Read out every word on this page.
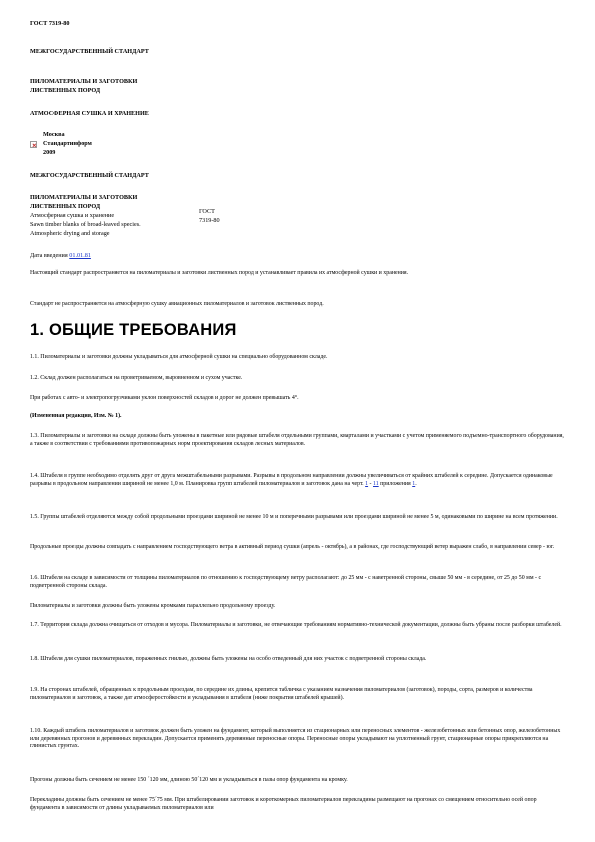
ГОСТ 7319-80
МЕЖГОСУДАРСТВЕННЫЙ СТАНДАРТ
ПИЛОМАТЕРИАЛЫ И ЗАГОТОВКИ
ЛИСТВЕННЫХ ПОРОД
АТМОСФЕРНАЯ СУШКА И ХРАНЕНИЕ
Москва
Стандартинформ
2009
МЕЖГОСУДАРСТВЕННЫЙ СТАНДАРТ
ПИЛОМАТЕРИАЛЫ И ЗАГОТОВКИ
ЛИСТВЕННЫХ ПОРОД
Атмосферная сушка и хранение
Sawn timber blanks of broad-leaved species.
Atmospheric drying and storage
ГОСТ
7319-80
Дата введения 01.01.81
Настоящий стандарт распространяется на пиломатериалы и заготовки лиственных пород и устанавливает правила их атмосферной сушки и хранения.
Стандарт не распространяется на атмосферную сушку авиационных пиломатериалов и заготовок лиственных пород.
1. ОБЩИЕ ТРЕБОВАНИЯ
1.1. Пиломатериалы и заготовки должны укладываться для атмосферной сушки на специально оборудованном складе.
1.2. Склад должен располагаться на проветриваемом, выровненном и сухом участке.
При работах с авто- и электропогрузчиками уклон поверхностей складов и дорог не должен превышать 4°.
(Измененная редакция, Изм. № 1).
1.3. Пиломатериалы и заготовки на складе должны быть уложены в пакетные или рядовые штабеля отдельными группами, кварталами и участками с учетом применяемого подъемно-транспортного оборудования, а также в соответствии с требованиями противопожарных норм проектирования складов лесных материалов.
1.4. Штабеля в группе необходимо отделять друг от друга межштабельными разрывами. Разрывы в продольном направлении должны увеличиваться от крайних штабелей к середине. Допускается одинаковые разрывы в продольном направлении шириной не менее 1,0 м. Планировка групп штабелей пиломатериалов и заготовок дана на черт. 1 - 11 приложения 1.
1.5. Группы штабелей отделяются между собой продольными проездами шириной не менее 10 м и поперечными разрывами или проездами шириной не менее 5 м, одинаковыми по ширине на всем протяжении.
Продольные проезды должны совпадать с направлением господствующего ветра в активный период сушки (апрель - октябрь), а в районах, где господствующий ветер выражен слабо, в направлении север - юг.
1.6. Штабеля на складе в зависимости от толщины пиломатериалов по отношению к господствующему ветру располагают: до 25 мм - с наветренной стороны, свыше 50 мм - в середине, от 25 до 50 мм - с подветренной стороны склада.
Пиломатериалы и заготовки должны быть уложены кромками параллельно продольному проезду.
1.7. Территория склада должна очищаться от отходов и мусора. Пиломатериалы и заготовки, не отвечающие требованиям нормативно-технической документации, должны быть убраны после разборки штабелей.
1.8. Штабеля для сушки пиломатериалов, пораженных гнилью, должны быть уложены на особо отведенный для них участок с подветренной стороны склада.
1.9. На сторонах штабелей, обращенных к продольным проездам, по середине их длины, крепится табличка с указанием назначения пиломатериалов (заготовок), породы, сорта, размеров и количества пиломатериалов и заготовок, а также дат атмосферостойкости и укладывания в штабеля (ниже покрытия штабелей крышей).
1.10. Каждый штабель пиломатериалов и заготовок должен быть уложен на фундамент, который выполняется из стационарных или переносных элементов - железобетонных или бетонных опор, железобетонных или деревянных прогонов и деревянных перекладин. Допускается применять деревянные переносные опоры. Переносные опоры укладывают на уплотненный грунт, стационарные опоры прикрепляются на глинистых грунтах.
Прогоны должны быть сечением не менее 150 ´120 мм, длиною 50´120 мм и укладываться в пазы опор фундамента на кромку.
Перекладины должны быть сечением не менее 75´75 мм. При штабелировании заготовок и короткомерных пиломатериалов перекладины размещают на прогонах со смещением относительно осей опор фундамента в зависимости от длины укладываемых пиломатериалов или
